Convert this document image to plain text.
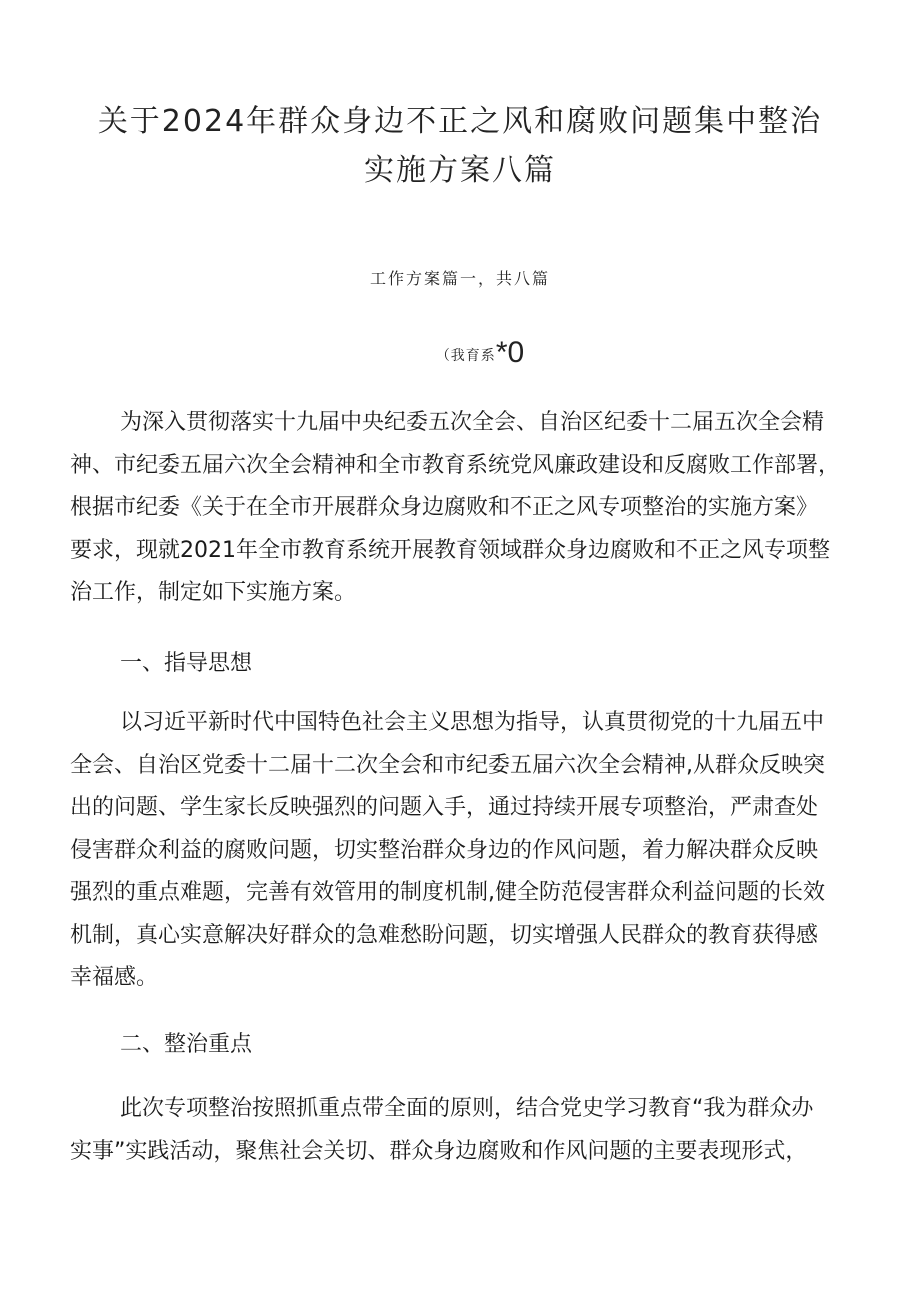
关于2024年群众身边不正之风和腐败问题集中整治
实施方案八篇
工作方案篇一，共八篇
（我育系*0
为深入贯彻落实十九届中央纪委五次全会、自治区纪委十二届五次全会精
神、市纪委五届六次全会精神和全市教育系统党风廉政建设和反腐败工作部署，
根据市纪委《关于在全市开展群众身边腐败和不正之风专项整治的实施方案》
要求，现就2021年全市教育系统开展教育领域群众身边腐败和不正之风专项整
治工作，制定如下实施方案。
一、指导思想
以习近平新时代中国特色社会主义思想为指导，认真贯彻党的十九届五中
全会、自治区党委十二届十二次全会和市纪委五届六次全会精神,从群众反映突
出的问题、学生家长反映强烈的问题入手，通过持续开展专项整治，严肃查处
侵害群众利益的腐败问题，切实整治群众身边的作风问题，着力解决群众反映
强烈的重点难题，完善有效管用的制度机制,健全防范侵害群众利益问题的长效
机制，真心实意解决好群众的急难愁盼问题，切实增强人民群众的教育获得感
幸福感。
二、整治重点
此次专项整治按照抓重点带全面的原则，结合党史学习教育“我为群众办
实事”实践活动，聚焦社会关切、群众身边腐败和作风问题的主要表现形式，
